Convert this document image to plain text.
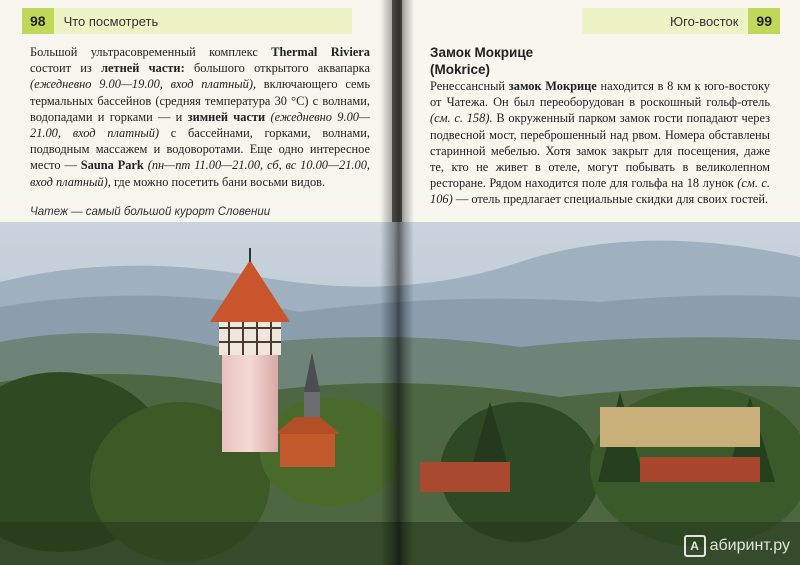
98	Что посмотреть
Большой ультрасовременный комплекс Thermal Riviera состоит из летней части: большого открытого аквапарка (ежедневно 9.00—19.00, вход платный), включающего семь термальных бассейнов (средняя температура 30 °С) с волнами, водопадами и горками — и зимней части (ежедневно 9.00—21.00, вход платный) с бассейнами, горками, волнами, подводным массажем и водоворотами. Еще одно интересное место — Sauna Park (пн—пт 11.00—21.00, сб, вс 10.00—21.00, вход платный), где можно посетить бани восьми видов.
Чатеж — самый большой курорт Словении
Юго-восток	99
Замок Мокрице
(Mokrice)
Ренессансный замок Мокрице находится в 8 км к юго-востоку от Чатежа. Он был переоборудован в роскошный гольф-отель (см. с. 158). В окруженный парком замок гости попадают через подвесной мост, переброшенный над рвом. Номера обставлены старинной мебелью. Хотя замок закрыт для посещения, даже те, кто не живет в отеле, могут побывать в великолепном ресторане. Рядом находится поле для гольфа на 18 лунок (см. с. 106) — отель предлагает специальные скидки для своих гостей.
А абиринт.ру
